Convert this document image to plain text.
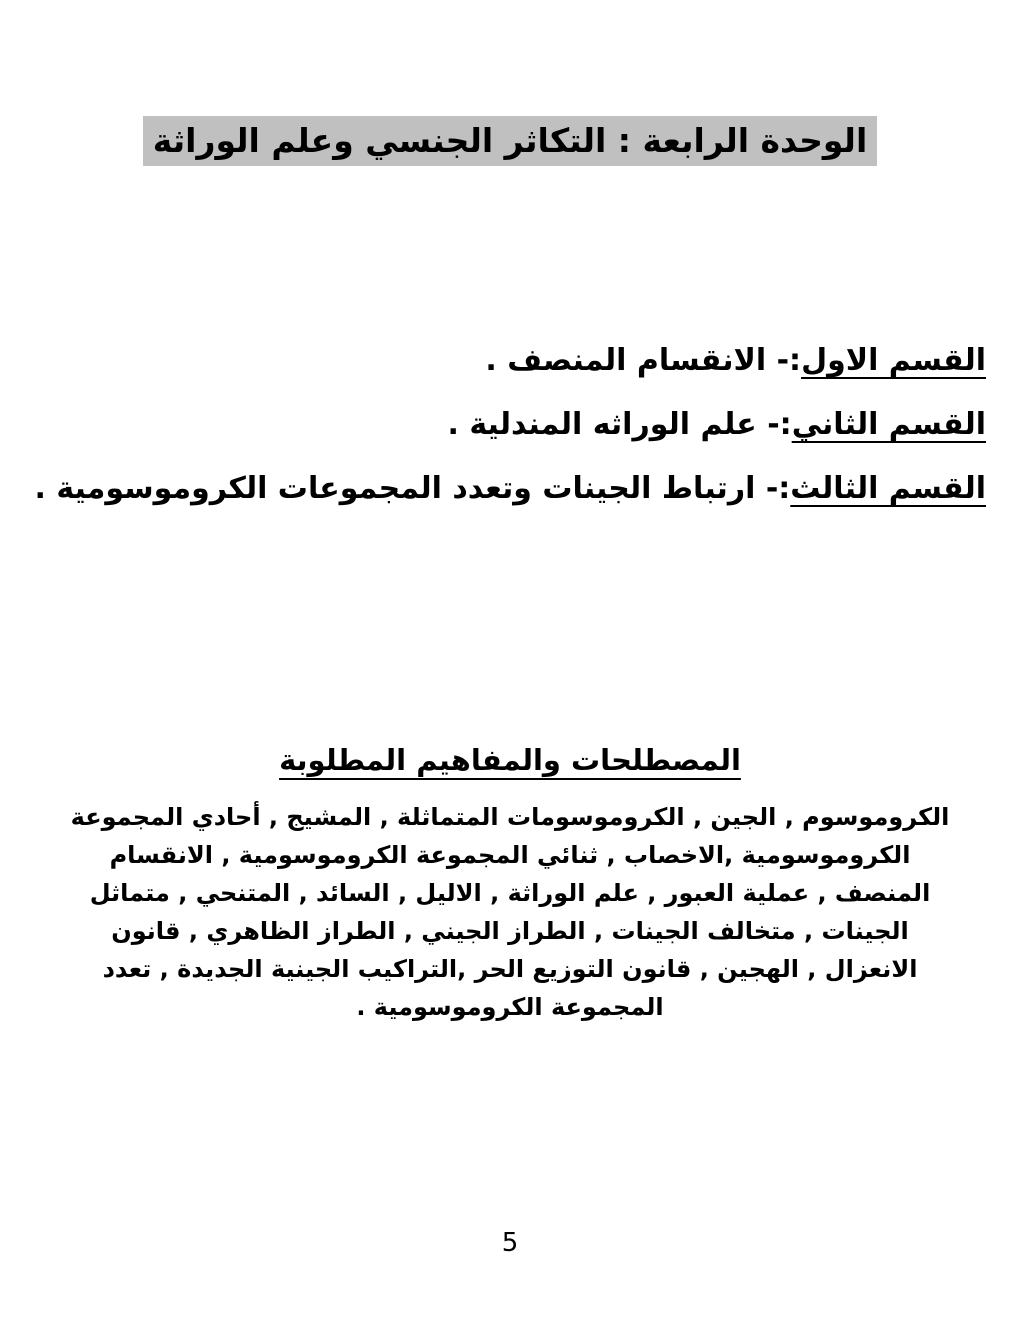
الوحدة الرابعة : التكاثر الجنسي وعلم الوراثة

القسم الاول:- الانقسام المنصف .

القسم الثاني:- علم الوراثه المندلية .

القسم الثالث:- ارتباط الجينات وتعدد المجموعات الكروموسومية .

المصطلحات والمفاهيم المطلوبة

الكروموسوم , الجين , الكروموسومات المتماثلة , المشيج , أحادي المجموعة الكروموسومية ,الاخصاب , ثنائي المجموعة الكروموسومية , الانقسام المنصف , عملية العبور , علم الوراثة , الاليل , السائد , المتنحي , متماثل الجينات , متخالف الجينات , الطراز الجيني , الطراز الظاهري , قانون الانعزال , الهجين , قانون التوزيع الحر ,التراكيب الجينية الجديدة , تعدد المجموعة الكروموسومية .

5
